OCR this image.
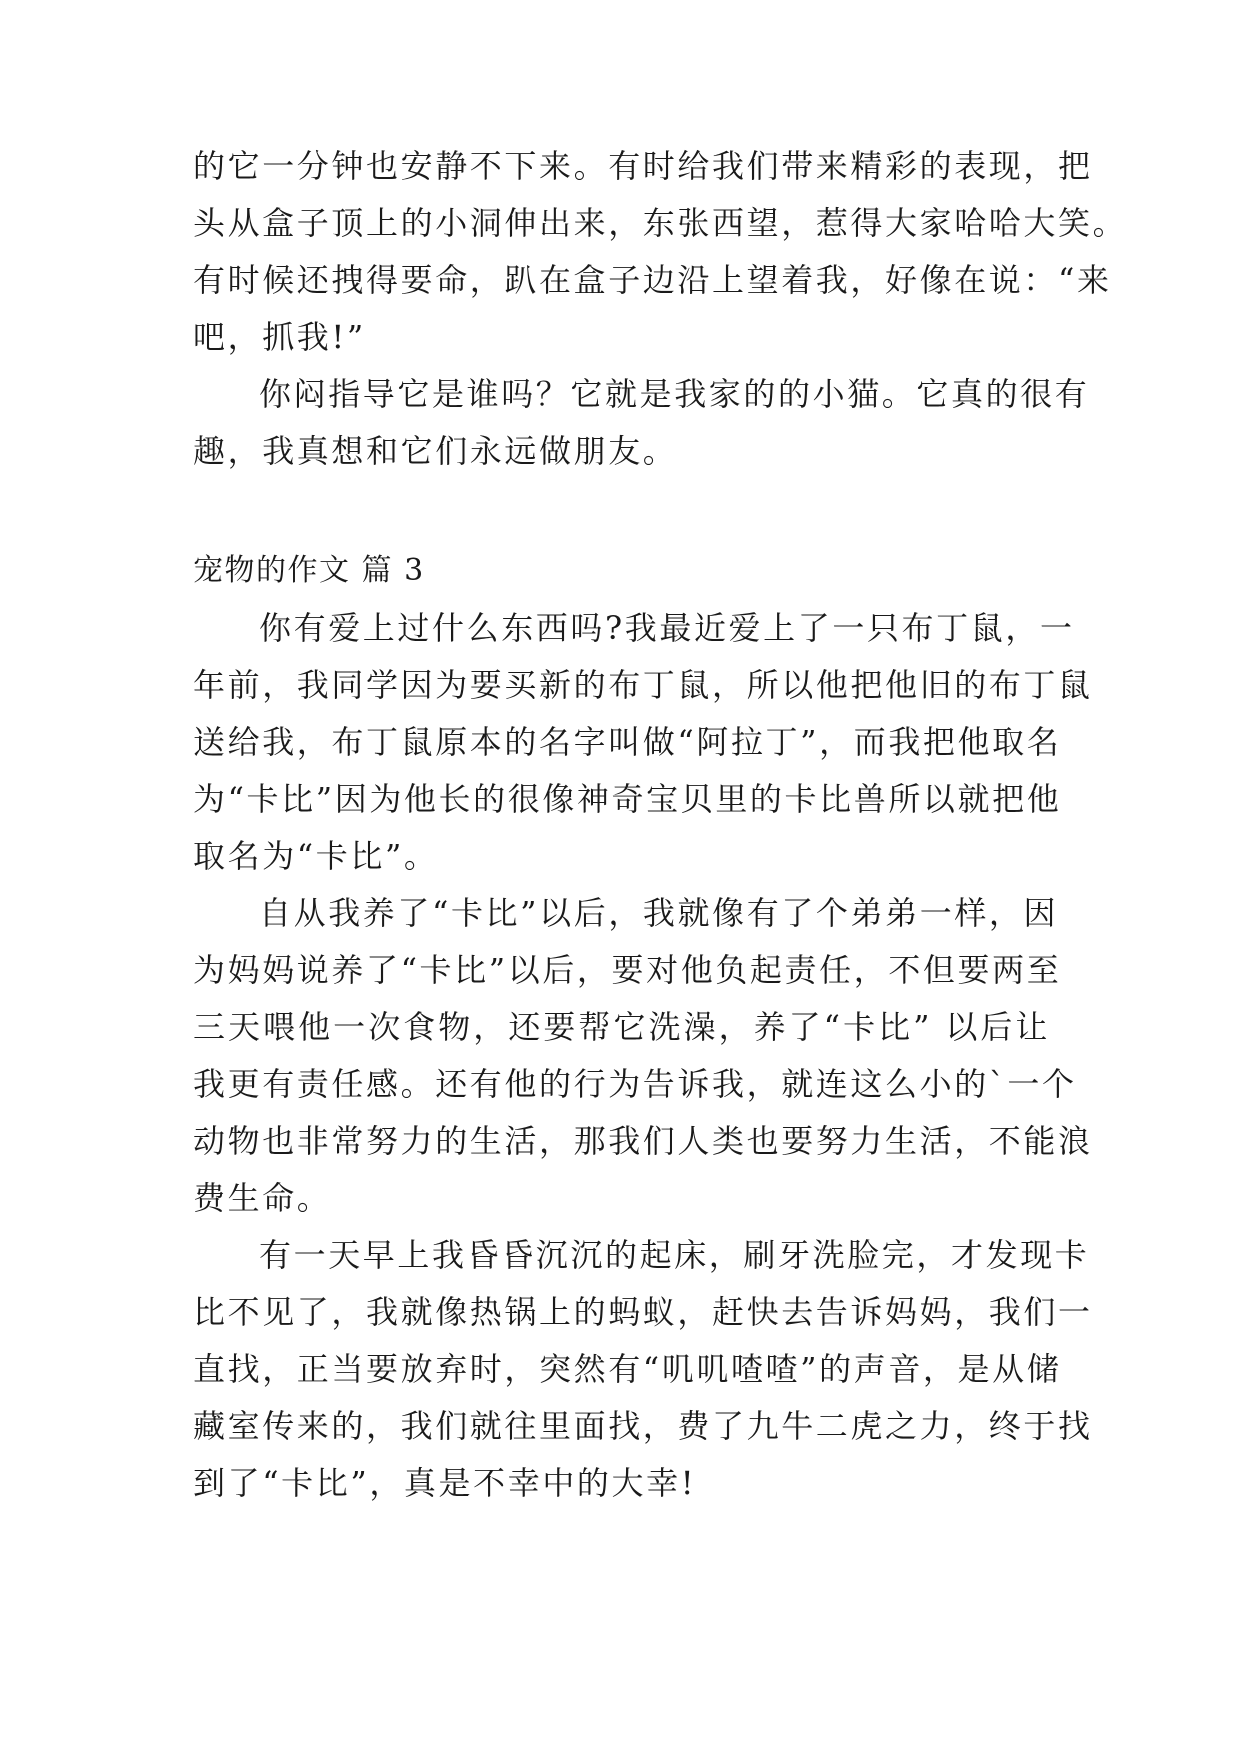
的它一分钟也安静不下来。有时给我们带来精彩的表现，把
头从盒子顶上的小洞伸出来，东张西望，惹得大家哈哈大笑。
有时候还拽得要命，趴在盒子边沿上望着我，好像在说：“来
吧，抓我!”
你闷指导它是谁吗？它就是我家的的小猫。它真的很有
趣，我真想和它们永远做朋友。
宠物的作文 篇 3
你有爱上过什么东西吗?我最近爱上了一只布丁鼠，一
年前，我同学因为要买新的布丁鼠，所以他把他旧的布丁鼠
送给我，布丁鼠原本的名字叫做“阿拉丁”，而我把他取名
为“卡比”因为他长的很像神奇宝贝里的卡比兽所以就把他
取名为“卡比”。
自从我养了“卡比”以后，我就像有了个弟弟一样，因
为妈妈说养了“卡比”以后，要对他负起责任，不但要两至
三天喂他一次食物，还要帮它洗澡，养了“卡比” 以后让
我更有责任感。还有他的行为告诉我，就连这么小的`一个
动物也非常努力的生活，那我们人类也要努力生活，不能浪
费生命。
有一天早上我昏昏沉沉的起床，刷牙洗脸完，才发现卡
比不见了，我就像热锅上的蚂蚁，赶快去告诉妈妈，我们一
直找，正当要放弃时，突然有“叽叽喳喳”的声音，是从储
藏室传来的，我们就往里面找，费了九牛二虎之力，终于找
到了“卡比”，真是不幸中的大幸!
